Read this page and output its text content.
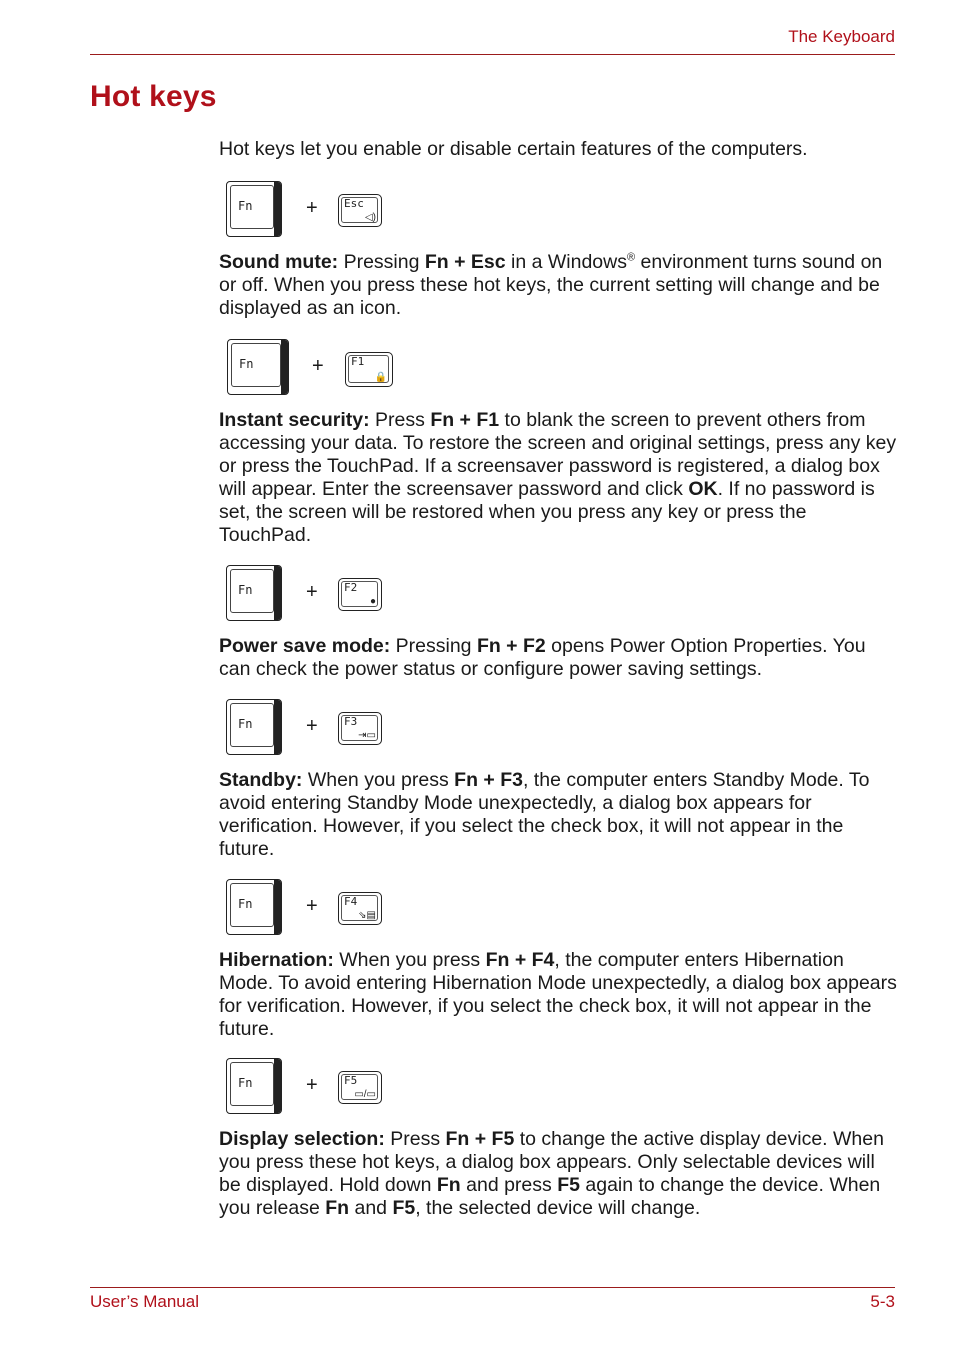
The Keyboard
Hot keys

Hot keys let you enable or disable certain features of the computers.

Fn	+ Esc
◁)

Sound mute: Pressing Fn + Esc in a Windows® environment turns sound on or off. When you press these hot keys, the current setting will change and be displayed as an icon.

Fn	+ F1
🔒

Instant security: Press Fn + F1 to blank the screen to prevent others from accessing your data. To restore the screen and original settings, press any key or press the TouchPad. If a screensaver password is registered, a dialog box will appear. Enter the screensaver password and click OK. If no password is set, the screen will be restored when you press any key or press the TouchPad.

Fn	+ F2
●

Power save mode: Pressing Fn + F2 opens Power Option Properties. You can check the power status or configure power saving settings.

Fn	+ F3
⇥▭

Standby: When you press Fn + F3, the computer enters Standby Mode. To avoid entering Standby Mode unexpectedly, a dialog box appears for verification. However, if you select the check box, it will not appear in the future.

Fn	+ F4
⇘▤

Hibernation: When you press Fn + F4, the computer enters Hibernation Mode. To avoid entering Hibernation Mode unexpectedly, a dialog box appears for verification. However, if you select the check box, it will not appear in the future.

Fn	+ F5
▭/▭

Display selection: Press Fn + F5 to change the active display device. When you press these hot keys, a dialog box appears. Only selectable devices will be displayed. Hold down Fn and press F5 again to change the device. When you release Fn and F5, the selected device will change.

User’s Manual	5-3
